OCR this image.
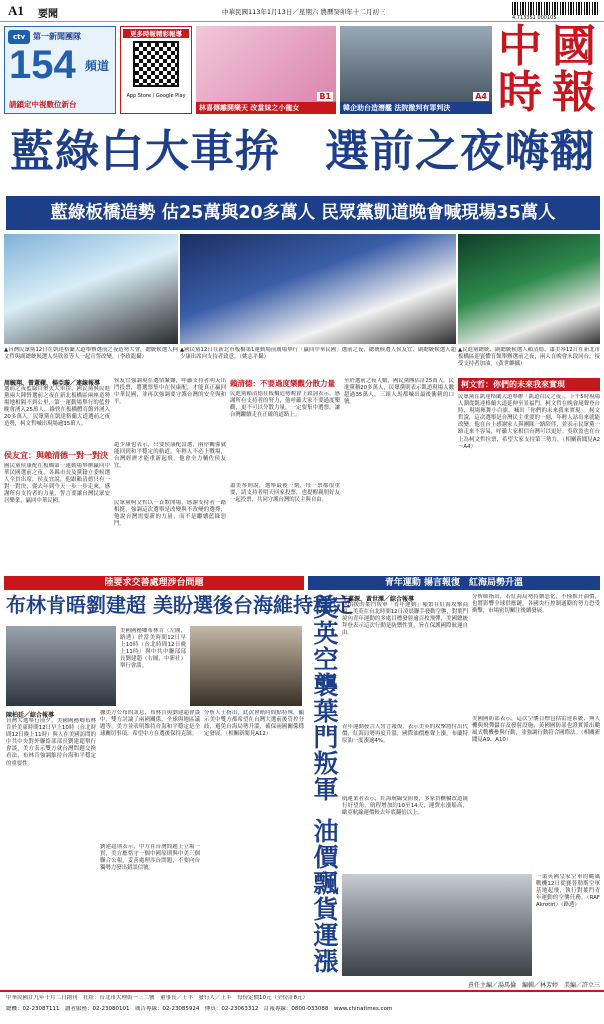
A1 要聞	中華民國113年1月13日／星期六 農曆癸卯年十二月初三
4 713351 000105
中 國
時 報
ctv 第一新聞團隊
154 頻道
請鎖定中視數位新台
更多時報精彩報導
App Store / Google Play	B1
林喜傳離開樂天 改當妹之小龍女
A4
韓企助台造潛艦 法院撤判有罪判決
藍綠白大車拚　選前之夜嗨翻
藍綠板橋造勢 估25萬與20多萬人 民眾黨凱道晚會喊現場35萬人
▲台灣民眾黨12日在凱達格蘭大道舉辦選前之夜造勢大會，總統候選人柯文哲與副總統候選人吳欣盈等人一起宣誓改變。（李政龍攝）
▲國民黨12日在新北市板橋第1運動場前廣場舉行「贏回中華民國」選前之夜，總統候選人侯友宜、副總統候選人趙少康出席向支持者致意。（姚志平攝）
▲民進黨總統、副總統候選人賴清德、蕭美琴12日在新北市板橋區迎賓體育館舉辦選前之夜，兩人在晚會末段同台，接受支持者加油。（黃世麒攝）
周毓翔、曾薏蘋、楊亞璇／連線報導
選前之夜藍綠白聚火大車拚，國民黨與民進黨兩大陣營選前之夜在新北板橋區兩座造勢場地相隔不到公里，第一運動場舉行的藍營晚會湧入25萬人，綠營在板橋體育館外湧入20多萬人。民眾黨在凱達格蘭大道選前之夜造勢，柯文哲喊出現場逾35萬人。
侯友宜：與賴清德一對一對決
國民黨侯康配在板橋第一運動場舉辦贏回中華民國選前之夜，各縣市長及黨籍立委候選人全員出席，侯友宜說，他跟賴清德只有一對一對決，從去年到今天一步一步走來，感謝所有支持者的力量，誓言要讓台灣民眾安居樂業，贏回中華民國。
侯友宜強調現在選情緊繃，呼籲支持者明天出門投票，將選票集中在侯康配，才能真正贏回中華民國，並再次強調要守護台灣的安全與和平。
趙少康也表示，只要侯康配當選，兩岸關係就能回到和平穩定的軌道，年輕人不必上戰場，台灣經濟才能重新起飛，他會全力輔佐侯友宜。
民眾黨柯文哲以一首歌開場，感謝支持者一路相挺，強調這次選舉是改變與不改變的選擇，他說台灣需要新的力量，而不是繼續藍綠惡鬥。
賴清德：不要過度樂觀分散力量
民進黨賴清德在板橋造勢晚會上致詞表示，感謝所有支持者的努力，他呼籲大家不要過度樂觀，更不可以分散力量，一定要集中選票，讓台灣繼續走在正確的道路上。
蕭美琴則說，選舉最後一刻，每一票都很重要，請支持者明天回家投票，也提醒親朋好友一起投票，共同守護台灣的民主與自由。
至於選前之夜人數，國民黨團估計25萬人，民進黨稱20多萬人，民眾黨則表示凱道現場人數超過35萬人，三組人馬都喊出最後衝刺的口號。
柯文哲：你們的未來我來實現
民眾黨在凱達格蘭大道舉辦「凱道白民之夜」，下午5時現場人潮從凱達格蘭大道延伸至景福門，柯文哲在晚會尾聲登台時，現場揮舞小白旗，喊出「你們的未來我來實現」。柯文哲說，這次選舉是台灣民主重要的一刻，年輕人站出來就能改變。他在台上感謝家人與團隊一路陪伴，並表示民眾黨一路走來不容易，呼籲大家相信台灣可以更好。吳欣盈也在台上為柯文哲拉票，希望大家支持第三勢力。（相關新聞見A2～A4）
陸要求交善處理涉台問題
布林肯晤劉建超 美盼選後台海維持穩定
美國國務卿布林肯（左圖，路透）於當美時間12日早上10時（台北時間12日晚上11時）與中共中聯部部長劉建超（右圖，中新社）舉行會談。
陳柏廷／綜合報導
台灣大選舉行前夕，美國國務卿布林肯於美東時間12日早上10時（台北時間12日晚上11時）與人在美國訪問的中共中央對外聯絡部部長劉建超舉行會談，美方表示雙方就台灣問題交換看法，布林肯強調維持台海和平穩定的重要性。
據美方公布的訊息，布林肯與劉建超會談中，雙方討論了兩國關係、全球與地區議題等，美方並表明維持台海和平穩定是全球關切事項，希望中方在選後保持克制。
劉建超則表示，中方在台灣問題上立場一貫，美方應恪守一個中國原則與中美三個聯合公報，妥善處理涉台問題，不要向台獨勢力發出錯誤信號。
分析人士指出，此次會晤時間點特殊，顯示美中雙方都希望在台灣大選前後管控分歧，避免台海局勢升溫，確保兩國關係穩定發展。（相關新聞見A12）
青年運動 揚言報復　紅海局勢升溫
美英空襲葉門叛軍
油價飄貨運漲
王嘉源、黃世澤／綜合報導
伊朗援的葉門叛軍「青年運動」頻繁在紅海攻擊商船，美英在台北時間12日凌晨聯手發動空襲，對葉門境內青年運動的多處目標發射逾百枚飛彈，美國總統拜登表示這次行動是防禦性質，旨在保護國際航運自由。
青年運動發言人誓言報復，表示美英的攻擊將付出代價，紅海局勢再度升溫，國際油價應聲上漲，布蘭特原油一度漲逾4%。
航運業者表示，紅海航線受阻後，多家貨櫃輪改道繞行好望角，航程增加約10至14天，運費水漲船高，歐亞航線運價較去年底翻倍以上。
分析師指出，若紅海局勢持續惡化，不僅推升油價，也將影響全球供應鏈，各國央行控制通膨的努力恐受衝擊，市場密切關注後續發展。
美國國防部表示，這次空襲目標包括雷達系統、無人機與飛彈儲存及發射設施，英國國防部也證實派出颱風式戰機參與行動，並強調行動符合國際法。（相關新聞見A9、A10）
一架英國皇家空軍的颱風戰機12日從賽普勒斯空軍基地起飛，執行對葉門青年運動的空襲任務。（RAF Akrotiri）（路透）
責任主編／湯馬倫　編輯／林芳婷　美編／許立三
中華民國廿九年十月二日創刊　社址：台北市大理街一三二號　董事長／王丰　發行人／王丰　每份定價10元（全份計8元）
總機：02-23087111　讀者服務：02-23080101　廣告專線：02-23085924　傳真：02-23063312　訂報專線：0800-033088　www.chinatimes.com
